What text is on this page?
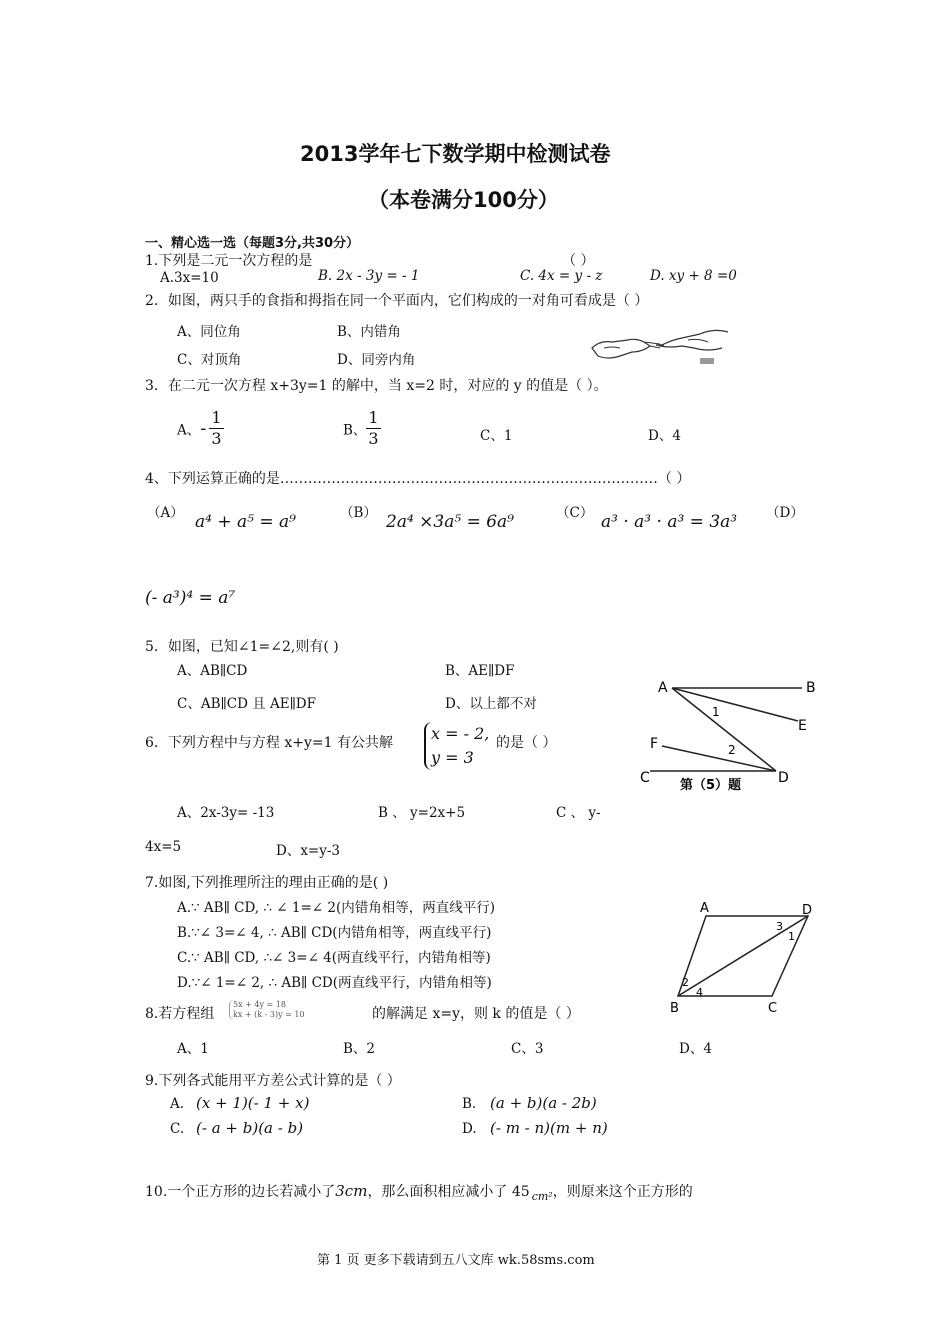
2013学年七下数学期中检测试卷
（本卷满分100分）
一、精心选一选（每题3分,共30分）
1.下列是二元一次方程的是	（ ）
A.3x=10	B. 2x - 3y = - 1	C. 4x = y - z	D. xy + 8 =0
2．如图，两只手的食指和拇指在同一个平面内，它们构成的一对角可看成是（ ）
A、同位角	B、内错角
C、对顶角	D、同旁内角
3．在二元一次方程 x+3y=1 的解中，当 x=2 时，对应的 y 的值是（ ）。
A、- $\frac{1}{3}$	B、 $\frac{1}{3}$	C、1	D、4
4、下列运算正确的是………………………………………………………………………（ ）
（A） a⁴ + a⁵ = a⁹	（B） 2a⁴ ×3a⁵ = 6a⁹	（C） a³ · a³ · a³ = 3a³ （D）
(- a³)⁴ = a⁷
5．如图，已知∠1=∠2,则有( )
A、AB∥CD	B、AE∥DF
C、AB∥CD 且 AE∥DF	D、以上都不对
A	B
E
F
C	D
1
2
第（5）题
6．下列方程中与方程 x+y=1 有公共解 x = - 2,
y = 3
的是（ ）
A、2x-3y= -13	B 、 y=2x+5	C 、 y-
4x=5	D、x=y-3
7.如图,下列推理所注的理由正确的是( )
A.∵ AB∥ CD, ∴ ∠ 1=∠ 2(内错角相等，两直线平行)
B.∵∠ 3=∠ 4, ∴ AB∥ CD(内错角相等，两直线平行)
C.∵ AB∥ CD, ∴∠ 3=∠ 4(两直线平行，内错角相等)
D.∵∠ 1=∠ 2, ∴ AB∥ CD(两直线平行，内错角相等)
A	D
B	C
3
1
2
4
8.若方程组
5x + 4y = 18
kx + (k - 3)y = 10	的解满足 x=y，则 k 的值是（ ）
A、1	B、2	C、3	D、4
9.下列各式能用平方差公式计算的是（ ）
A. (x + 1)(- 1 + x)	B. (a + b)(a - 2b)
C. (- a + b)(a - b)	D. (- m - n)(m + n)
10.一个正方形的边长若减小了3cm，那么面积相应减小了 45 $_{cm^2}$，则原来这个正方形的
第 1 页 更多下载请到五八文库 wk.58sms.com
